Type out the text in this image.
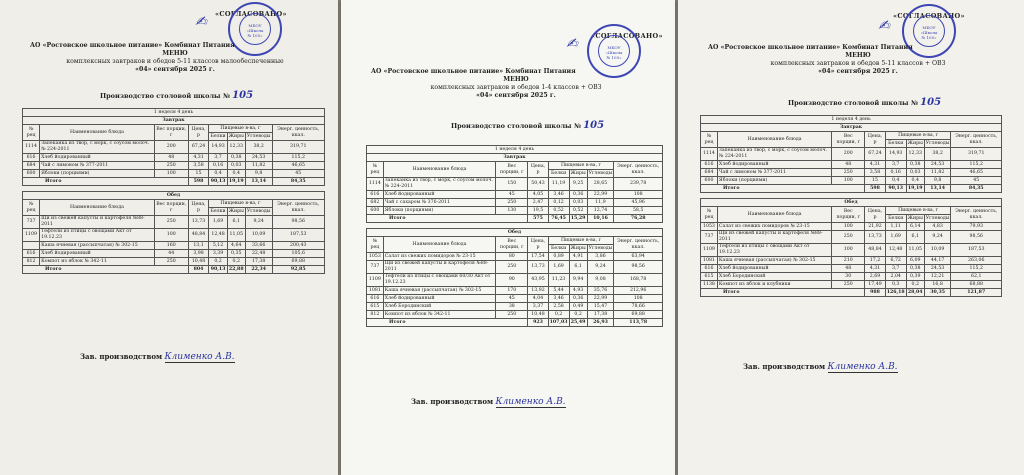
«СОГЛАСОВАНО»
МБОУ
«Школа
№ 105»
✍︎
АО «Ростовское школьное питание» Комбинат Питания
МЕНЮ
комплексных завтраков и обедов 5-11 классов малообеспеченные
«04» сентября 2025 г.
Производство столовой школы № 105
1 неделя 4 день							
Завтрак							
№ рец	Наименование блюда	Вес порции, г	Цена, р	Пищевые в-ва, г			Энерг. ценность, ккал.
				Белки	Жиры	Углеводы	
1114	Запеканка из твор, с морк, с соусом молоч. № 224-2011	200	67,24	14,93	12,33	38,2	319,71
616	Хлеб йодированный	48	4,31	3,7	0,38	24,53	115,2
684	Чай с лимоном № 377-2011	250	3,58	0,16	0,03	11,82	46,65
600	Яблоки (порциями)	100	15	0,4	0,4	9,8	45
Итого			598	90,13	19,19	13,14	84,35

Обед							
№ рец	Наименование блюда	Вес порции, г	Цена, р	Пищевые в-ва, г			Энерг. ценность, ккал.
				Белки	Жиры	Углеводы	
737	Щи из свежей капусты и картофеля №88-2011	250	13,73	1,69	6,1	9,24	98,56
1109	Тефтели из птицы с овощами Акт от 19.12.23	100	48,84	12,48	11,05	10,09	187,53
	Каша ячневая (рассыпчатая) № 302-15	160	13,1	5,12	4,64	33,66	200,43
616	Хлеб йодированный	44	3,98	3,39	0,35	22,48	105,6
812	Компот из яблок № 342-11	250	10,48	0,2	0,2	17,38	69,88
Итого			804	90,13	22,88	22,34	92,85
Зав. производством Клименко А.В.
«СОГЛАСОВАНО»
МБОУ
«Школа
№ 105»
✍︎
АО «Ростовское школьное питание» Комбинат Питания
МЕНЮ
комплексных завтраков и обедов 1-4 классов + ОВЗ
«04» сентября 2025 г.
Производство столовой школы № 105
1 неделя 4 день							
Завтрак							
№ рец	Наименование блюда	Вес порции, г	Цена, р	Пищевые в-ва, г			Энерг. ценность, ккал.
				Белки	Жиры	Углеводы	
1114	Запеканка из твор, с морк, с соусом молоч. № 224-2011	150	50,43	11,19	9,25	28,65	239,78
616	Хлеб йодированный	45	4,05	3,46	0,36	22,99	108
682	Чай с сахаром № 376-2011	250	2,47	0,12	0,03	11,9	45,96
600	Яблоки (порциями)	130	19,5	0,52	0,52	12,74	58,5
Итого			575	76,45	15,29	10,16	76,28

Обед							
№ рец	Наименование блюда	Вес порции, г	Цена, р	Пищевые в-ва, г			Энерг. ценность, ккал.
				Белки	Жиры	Углеводы	
1053	Салат из свежих помидоров № 23-15	80	17,54	0,89	4,91	3,86	63,94
737	Щи из свежей капусты и картофеля №88-2011	250	13,73	1,69	6,1	9,24	98,56
1109	Тефтели из птицы с овощами 60/30 Акт от 19.12.23	90	43,95	11,23	9,94	9,08	168,78
1081	Каша ячневая (рассыпчатая) № 302-15	170	13,92	5,44	4,93	35,76	212,96
616	Хлеб йодированный	45	4,04	3,46	0,36	22,99	108
615	Хлеб Бородинский	38	3,37	2,58	0,49	15,47	78,66
812	Компот из яблок № 342-11	250	10,48	0,2	0,2	17,38	69,88
Итого			923	107,03	25,49	26,93	113,78
Зав. производством Клименко А.В.
«СОГЛАСОВАНО»
МБОУ
«Школа
№ 105»
✍︎
АО «Ростовское школьное питание» Комбинат Питания
МЕНЮ
комплексных завтраков и обедов 5-11 классов + ОВЗ
«04» сентября 2025 г.
Производство столовой школы № 105
1 неделя 4 день							
Завтрак							
№ рец	Наименование блюда	Вес порции, г	Цена, р	Пищевые в-ва, г			Энерг. ценность, ккал.
				Белки	Жиры	Углеводы	
1114	Запеканка из твор, с морк, с соусом молоч. № 224-2011	200	67,24	14,93	12,33	38,2	319,71
616	Хлеб йодированный	48	4,31	3,7	0,38	24,53	115,2
684	Чай с лимоном № 377-2011	250	3,58	0,16	0,03	11,82	46,65
600	Яблоки (порциями)	100	15	0,4	0,4	9,8	45
Итого			598	90,13	19,19	13,14	84,35

Обед							
№ рец	Наименование блюда	Вес порции, г	Цена, р	Пищевые в-ва, г			Энерг. ценность, ккал.
				Белки	Жиры	Углеводы	
1053	Салат из свежих помидоров № 23-15	100	21,92	1,11	6,14	4,83	79,93
737	Щи из свежей капусты и картофеля №88-2011	250	13,73	1,69	6,1	9,24	98,56
1109	Тефтели из птицы с овощами Акт от 19.12.23	100	48,84	12,48	11,05	10,09	187,53
1081	Каша ячневая (рассыпчатая) № 302-15	210	17,2	6,72	6,09	44,17	263,06
616	Хлеб йодированный	48	4,31	3,7	0,38	24,53	115,2
615	Хлеб Бородинский	30	2,69	2,04	0,39	12,21	62,1
1138	Компот из яблок и клубники	250	17,49	0,3	0,2	16,8	68,88
Итого			988	126,18	28,04	30,35	121,87
Зав. производством Клименко А.В.
